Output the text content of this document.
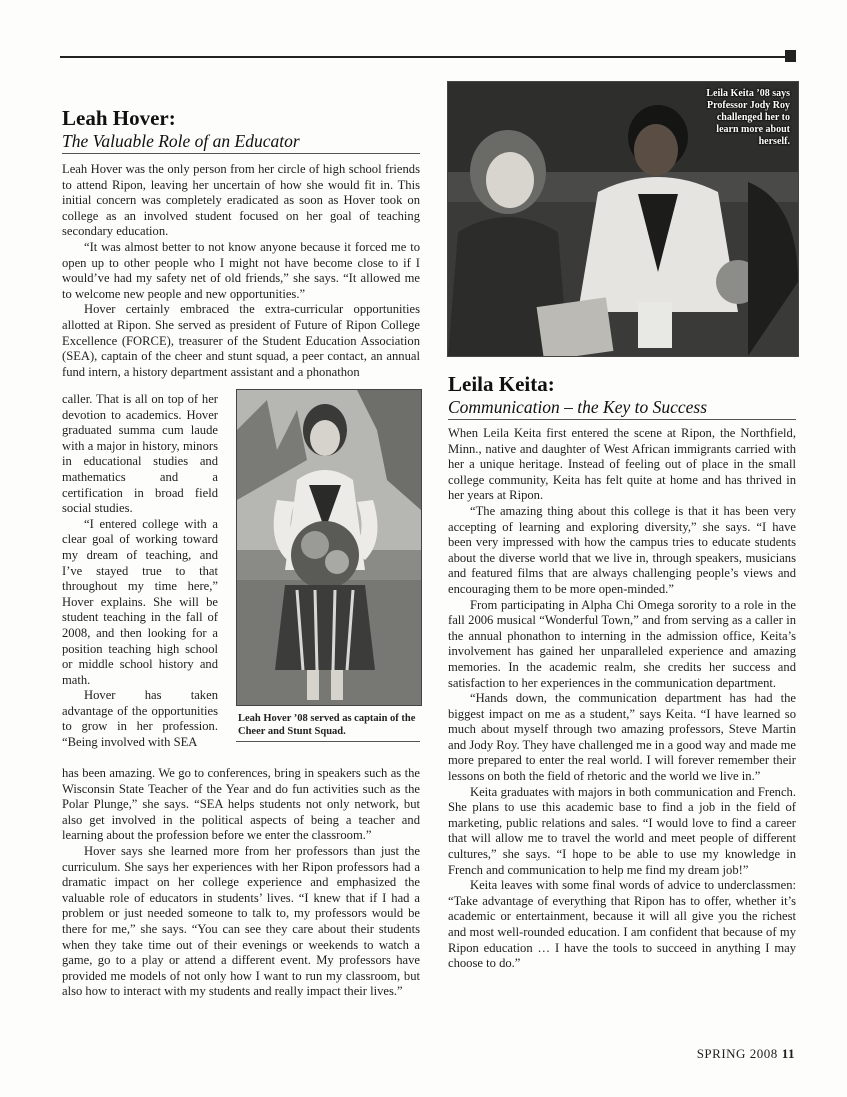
Leah Hover:
The Valuable Role of an Educator

Leah Hover was the only person from her circle of high school friends to attend Ripon, leaving her uncertain of how she would fit in. This initial concern was completely eradicated as soon as Hover took on college as an involved student focused on her goal of teaching secondary education.

“It was almost better to not know anyone because it forced me to open up to other people who I might not have become close to if I would’ve had my safety net of old friends,” she says. “It allowed me to welcome new people and new opportunities.”

Hover certainly embraced the extra-curricular opportunities allotted at Ripon. She served as president of Future of Ripon College Excellence (FORCE), treasurer of the Student Education Association (SEA), captain of the cheer and stunt squad, a peer contact, an annual fund intern, a history department assistant and a phonathon

caller. That is all on top of her devotion to academics. Hover graduated summa cum laude with a major in history, minors in educational studies and mathematics and a certification in broad field social studies.

“I entered college with a clear goal of working toward my dream of teaching, and I’ve stayed true to that throughout my time here,” Hover explains. She will be student teaching in the fall of 2008, and then looking for a position teaching high school or middle school history and math.

Hover has taken advantage of the opportunities to grow in her profession. “Being involved with SEA

Leah Hover ’08 served as captain of the Cheer and Stunt Squad.

has been amazing. We go to conferences, bring in speakers such as the Wisconsin State Teacher of the Year and do fun activities such as the Polar Plunge,” she says. “SEA helps students not only network, but also get involved in the political aspects of being a teacher and learning about the profession before we enter the classroom.”

Hover says she learned more from her professors than just the curriculum. She says her experiences with her Ripon professors had a dramatic impact on her college experience and emphasized the valuable role of educators in students’ lives. “I knew that if I had a problem or just needed someone to talk to, my professors would be there for me,” she says. “You can see they care about their students when they take time out of their evenings or weekends to watch a game, go to a play or attend a different event. My professors have provided me models of not only how I want to run my classroom, but also how to interact with my students and really impact their lives.”

Leila Keita ’08 says Professor Jody Roy challenged her to learn more about herself.
Leila Keita:
Communication – the Key to Success

When Leila Keita first entered the scene at Ripon, the Northfield, Minn., native and daughter of West African immigrants carried with her a unique heritage. Instead of feeling out of place in the small college community, Keita has felt quite at home and has thrived in her years at Ripon.

“The amazing thing about this college is that it has been very accepting of learning and exploring diversity,” she says. “I have been very impressed with how the campus tries to educate students about the diverse world that we live in, through speakers, musicians and featured films that are always challenging people’s views and encouraging them to be more open-minded.”

From participating in Alpha Chi Omega sorority to a role in the fall 2006 musical “Wonderful Town,” and from serving as a caller in the annual phonathon to interning in the admission office, Keita’s involvement has gained her unparalleled experience and amazing memories. In the academic realm, she credits her success and satisfaction to her experiences in the communication department.

“Hands down, the communication department has had the biggest impact on me as a student,” says Keita. “I have learned so much about myself through two amazing professors, Steve Martin and Jody Roy. They have challenged me in a good way and made me more prepared to enter the real world. I will forever remember their lessons on both the field of rhetoric and the world we live in.”

Keita graduates with majors in both communication and French. She plans to use this academic base to find a job in the field of marketing, public relations and sales. “I would love to find a career that will allow me to travel the world and meet people of different cultures,” she says. “I hope to be able to use my knowledge in French and communication to help me find my dream job!”

Keita leaves with some final words of advice to underclassmen: “Take advantage of everything that Ripon has to offer, whether it’s academic or entertainment, because it will all give you the richest and most well-rounded education. I am confident that because of my Ripon education … I have the tools to succeed in anything I may choose to do.”

SPRING 2008 11
